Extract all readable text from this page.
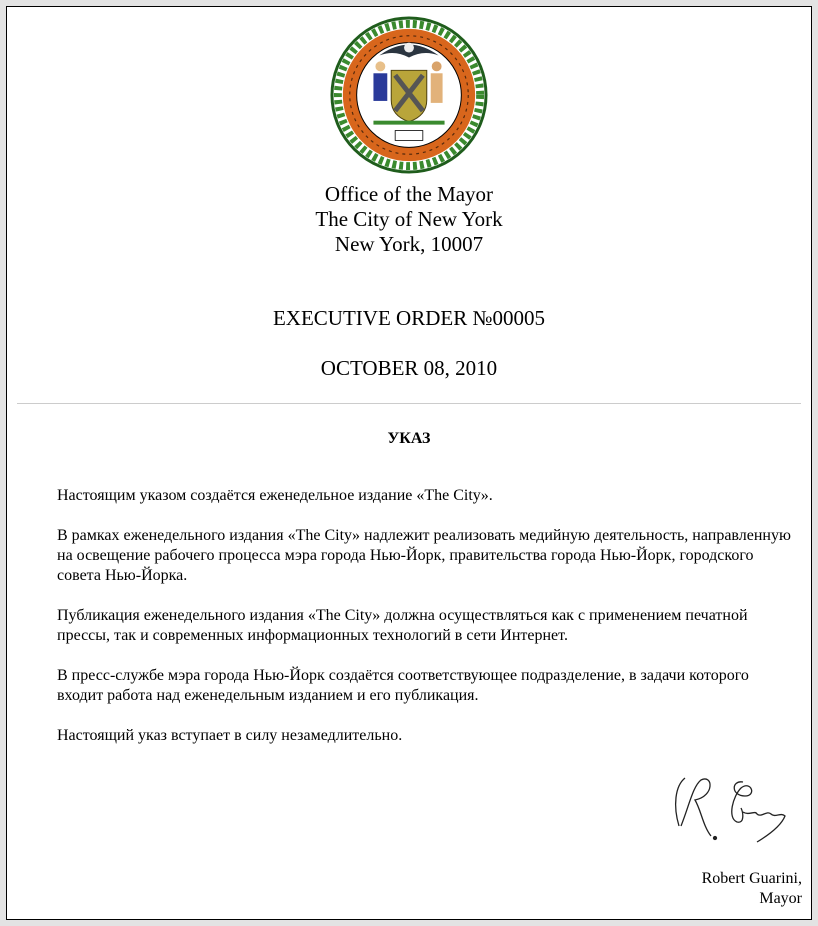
Office of the Mayor
The City of New York
New York, 10007
EXECUTIVE ORDER №00005
OCTOBER 08, 2010
УКАЗ

Настоящим указом создаётся еженедельное издание «The City».

В рамках еженедельного издания «The City» надлежит реализовать медийную деятельность, направленную на освещение рабочего процесса мэра города Нью-Йорк, правительства города Нью-Йорк, городского совета Нью-Йорка.

Публикация еженедельного издания «The City» должна осуществляться как с применением печатной прессы, так и современных информационных технологий в сети Интернет.

В пресс-службе мэра города Нью-Йорк создаётся соответствующее подразделение, в задачи которого входит работа над еженедельным изданием и его публикация.

Настоящий указ вступает в силу незамедлительно.

Robert Guarini,
Mayor
